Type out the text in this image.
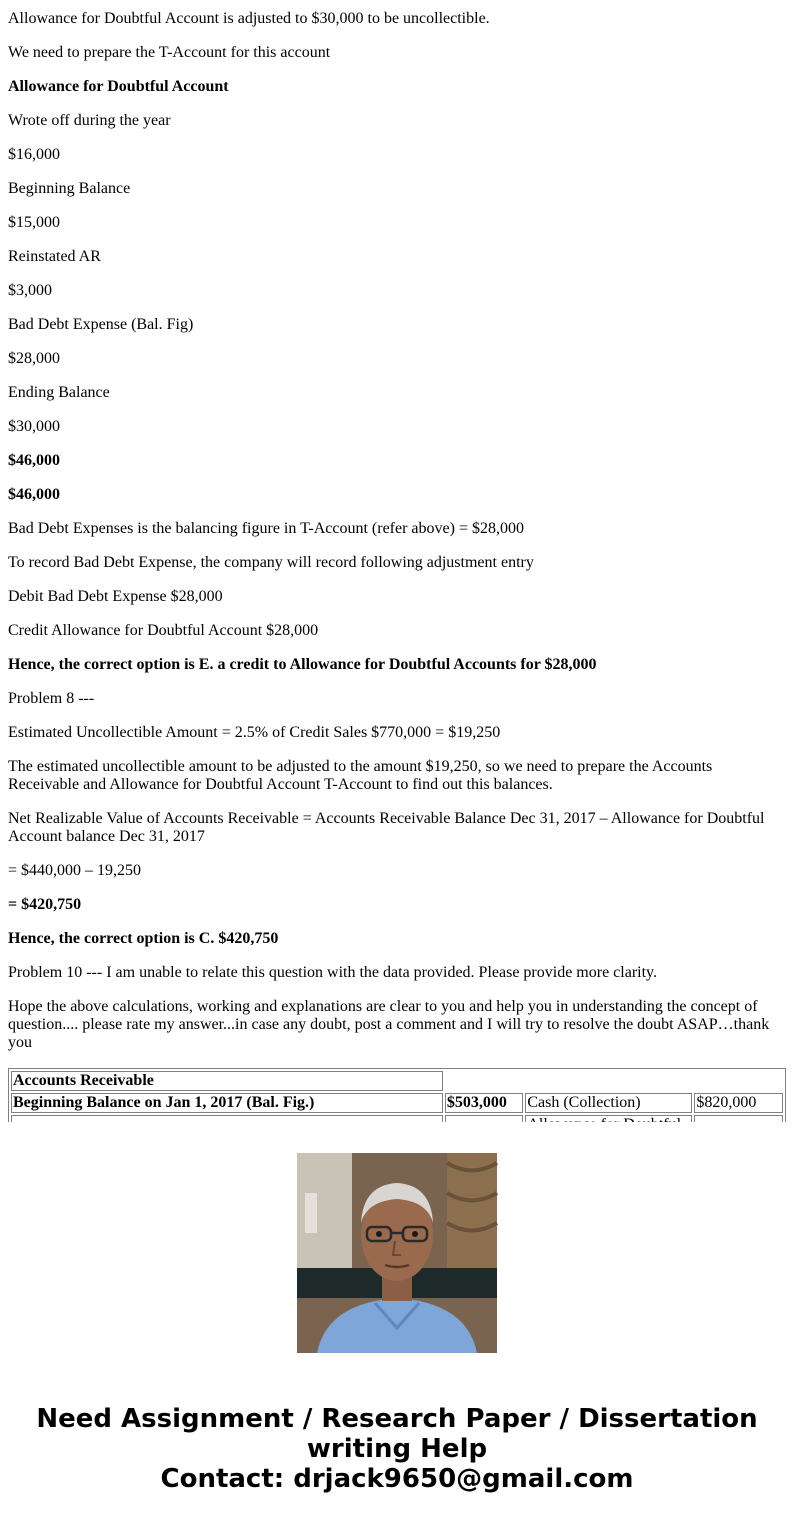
Allowance for Doubtful Account is adjusted to $30,000 to be uncollectible.

We need to prepare the T-Account for this account

Allowance for Doubtful Account

Wrote off during the year

$16,000

Beginning Balance

$15,000

Reinstated AR

$3,000

Bad Debt Expense (Bal. Fig)

$28,000

Ending Balance

$30,000

$46,000

$46,000

Bad Debt Expenses is the balancing figure in T-Account (refer above) = $28,000

To record Bad Debt Expense, the company will record following adjustment entry

Debit Bad Debt Expense $28,000

Credit Allowance for Doubtful Account $28,000

Hence, the correct option is E. a credit to Allowance for Doubtful Accounts for $28,000

Problem 8 ---

Estimated Uncollectible Amount = 2.5% of Credit Sales $770,000 = $19,250

The estimated uncollectible amount to be adjusted to the amount $19,250, so we need to prepare the Accounts Receivable and Allowance for Doubtful Account T-Account to find out this balances.

Net Realizable Value of Accounts Receivable = Accounts Receivable Balance Dec 31, 2017 – Allowance for Doubtful Account balance Dec 31, 2017

= $440,000 – 19,250

= $420,750

Hence, the correct option is C. $420,750

Problem 10 --- I am unable to relate this question with the data provided. Please provide more clarity.

Hope the above calculations, working and explanations are clear to you and help you in understanding the concept of question.... please rate my answer...in case any doubt, post a comment and I will try to resolve the doubt ASAP…thank you

Accounts Receivable			
Beginning Balance on Jan 1, 2017 (Bal. Fig.)	$503,000	Cash (Collection)	$820,000

Need Assignment / Research Paper / Dissertation
writing Help
Contact: drjack9650@gmail.com
